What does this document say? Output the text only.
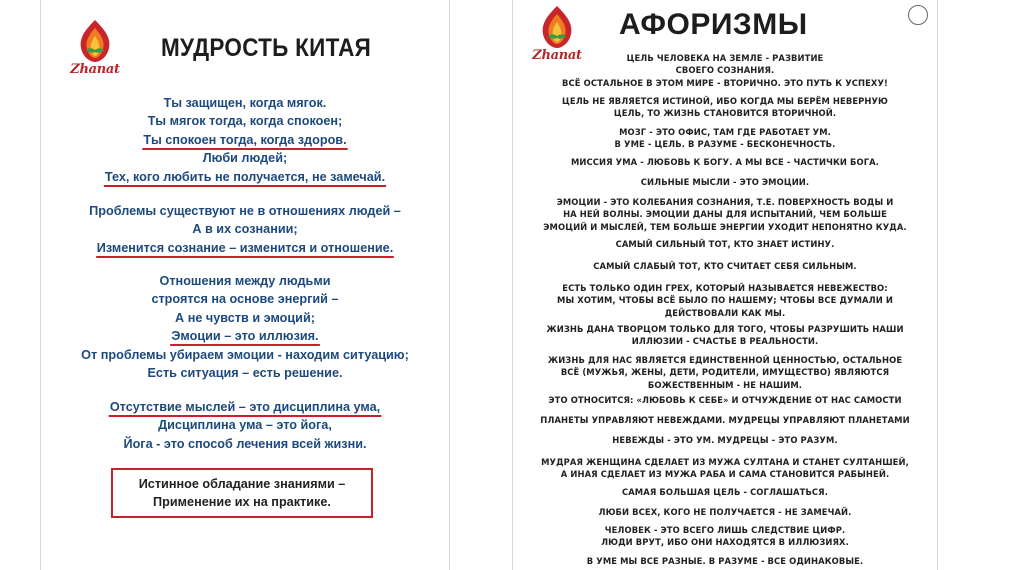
Zhanat
МУДРОСТЬ КИТАЯ
Ты защищен, когда мягок.
Ты мягок тогда, когда спокоен;
Ты спокоен тогда, когда здоров.
Люби людей;
Тех, кого любить не получается, не замечай.
Проблемы существуют не в отношениях людей –
А в их сознании;
Изменится сознание – изменится и отношение.
Отношения между людьми
строятся на основе энергий –
А не чувств и эмоций;
Эмоции – это иллюзия.
От проблемы убираем эмоции - находим ситуацию;
Есть ситуация – есть решение.
Отсутствие мыслей – это дисциплина ума,
Дисциплина ума – это йога,
Йога - это способ лечения всей жизни.
Истинное обладание знаниями –
Применение их на практике.
Zhanat
АФОРИЗМЫ
ЦЕЛЬ ЧЕЛОВЕКА НА ЗЕМЛЕ - РАЗВИТИЕ
СВОЕГО СОЗНАНИЯ.
ВСЁ ОСТАЛЬНОЕ В ЭТОМ МИРЕ - ВТОРИЧНО. ЭТО ПУТЬ К УСПЕХУ!
ЦЕЛЬ НЕ ЯВЛЯЕТСЯ ИСТИНОЙ, ИБО КОГДА МЫ БЕРЁМ НЕВЕРНУЮ
ЦЕЛЬ, ТО ЖИЗНЬ СТАНОВИТСЯ ВТОРИЧНОЙ.
МОЗГ - ЭТО ОФИС, ТАМ ГДЕ РАБОТАЕТ УМ.
В УМЕ - ЦЕЛЬ. В РАЗУМЕ - БЕСКОНЕЧНОСТЬ.
МИССИЯ УМА - ЛЮБОВЬ К БОГУ. А МЫ ВСЕ - ЧАСТИЧКИ БОГА.
СИЛЬНЫЕ МЫСЛИ - ЭТО ЭМОЦИИ.
ЭМОЦИИ - ЭТО КОЛЕБАНИЯ СОЗНАНИЯ, Т.Е. ПОВЕРХНОСТЬ ВОДЫ И
НА НЕЙ ВОЛНЫ. ЭМОЦИИ ДАНЫ ДЛЯ ИСПЫТАНИЙ, ЧЕМ БОЛЬШЕ
ЭМОЦИЙ И МЫСЛЕЙ, ТЕМ БОЛЬШЕ ЭНЕРГИИ УХОДИТ НЕПОНЯТНО КУДА.
САМЫЙ СИЛЬНЫЙ ТОТ, КТО ЗНАЕТ ИСТИНУ.
САМЫЙ СЛАБЫЙ ТОТ, КТО СЧИТАЕТ СЕБЯ СИЛЬНЫМ.
ЕСТЬ ТОЛЬКО ОДИН ГРЕХ, КОТОРЫЙ НАЗЫВАЕТСЯ НЕВЕЖЕСТВО:
МЫ ХОТИМ, ЧТОБЫ ВСЁ БЫЛО ПО НАШЕМУ; ЧТОБЫ ВСЕ ДУМАЛИ И
ДЕЙСТВОВАЛИ КАК МЫ.
ЖИЗНЬ ДАНА ТВОРЦОМ ТОЛЬКО ДЛЯ ТОГО, ЧТОБЫ РАЗРУШИТЬ НАШИ
ИЛЛЮЗИИ - СЧАСТЬЕ В РЕАЛЬНОСТИ.
ЖИЗНЬ ДЛЯ НАС ЯВЛЯЕТСЯ ЕДИНСТВЕННОЙ ЦЕННОСТЬЮ, ОСТАЛЬНОЕ
ВСЁ (МУЖЬЯ, ЖЕНЫ, ДЕТИ, РОДИТЕЛИ, ИМУЩЕСТВО) ЯВЛЯЮТСЯ
БОЖЕСТВЕННЫМ - НЕ НАШИМ.
ЭТО ОТНОСИТСЯ: «ЛЮБОВЬ К СЕБЕ» И ОТЧУЖДЕНИЕ ОТ НАС САМОСТИ
ПЛАНЕТЫ УПРАВЛЯЮТ НЕВЕЖДАМИ. МУДРЕЦЫ УПРАВЛЯЮТ ПЛАНЕТАМИ
НЕВЕЖДЫ - ЭТО УМ. МУДРЕЦЫ - ЭТО РАЗУМ.
МУДРАЯ ЖЕНЩИНА СДЕЛАЕТ ИЗ МУЖА СУЛТАНА И СТАНЕТ СУЛТАНШЕЙ,
А ИНАЯ СДЕЛАЕТ ИЗ МУЖА РАБА И САМА СТАНОВИТСЯ РАБЫНЕЙ.
САМАЯ БОЛЬШАЯ ЦЕЛЬ - СОГЛАШАТЬСЯ.
ЛЮБИ ВСЕХ, КОГО НЕ ПОЛУЧАЕТСЯ - НЕ ЗАМЕЧАЙ.
ЧЕЛОВЕК - ЭТО ВСЕГО ЛИШЬ СЛЕДСТВИЕ ЦИФР.
ЛЮДИ ВРУТ, ИБО ОНИ НАХОДЯТСЯ В ИЛЛЮЗИЯХ.
В УМЕ МЫ ВСЕ РАЗНЫЕ. В РАЗУМЕ - ВСЕ ОДИНАКОВЫЕ.
